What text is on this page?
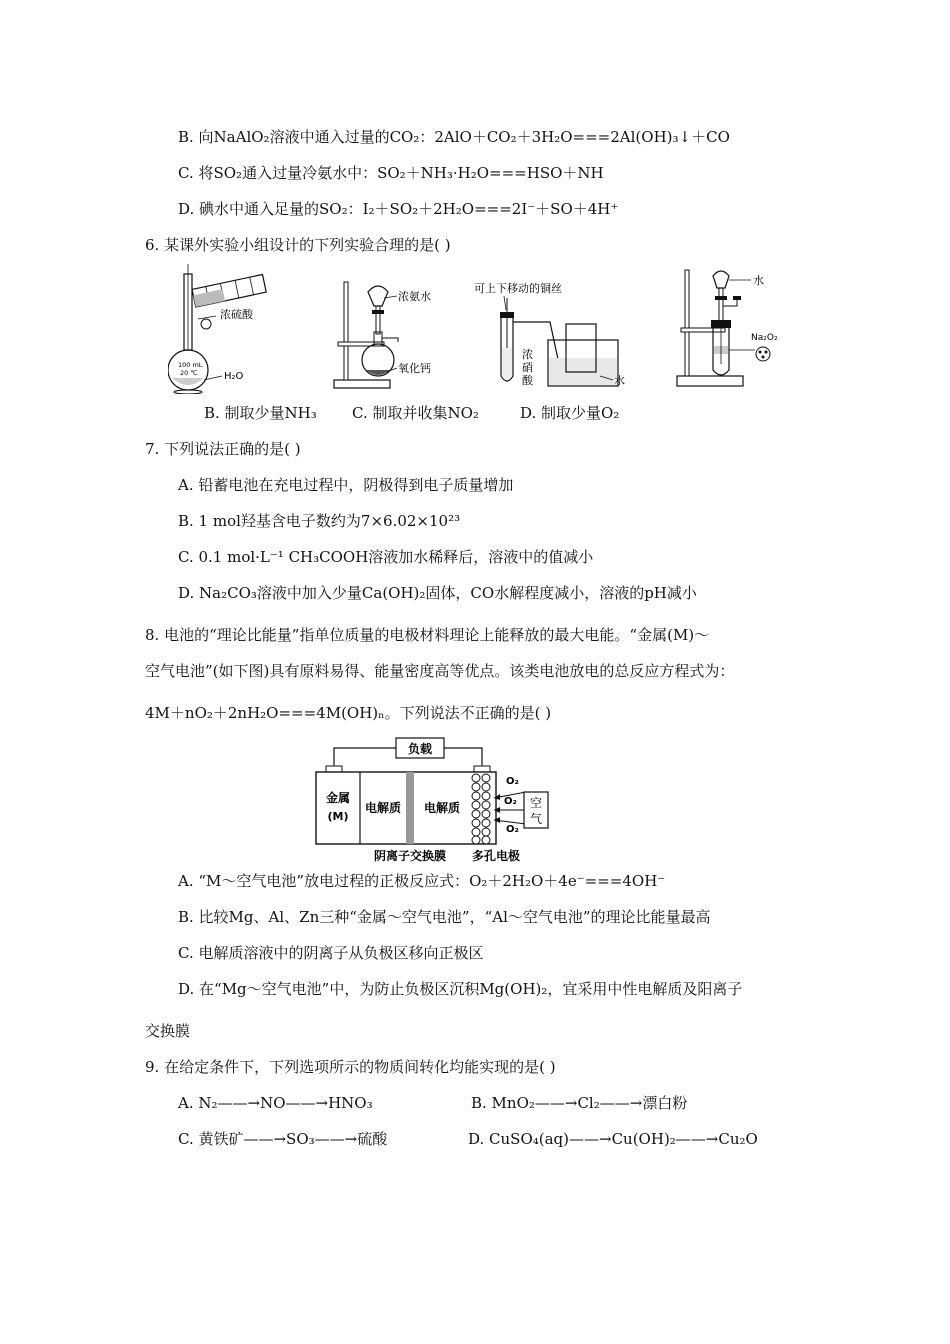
B. 向NaAlO₂溶液中通入过量的CO₂：2AlO＋CO₂＋3H₂O===2Al(OH)₃↓＋CO
C. 将SO₂通入过量冷氨水中：SO₂＋NH₃·H₂O===HSO＋NH
D. 碘水中通入足量的SO₂：I₂＋SO₂＋2H₂O===2I⁻＋SO＋4H⁺
6. 某课外实验小组设计的下列实验合理的是( )
100 mL
20 ℃
浓硫酸
H₂O
浓氨水
氧化钙
可上下移动的铜丝
浓
硝
酸	水
水
Na₂O₂
B. 制取少量NH₃ C. 制取并收集NO₂	D. 制取少量O₂
7. 下列说法正确的是( )
A. 铅蓄电池在充电过程中，阴极得到电子质量增加
B. 1 mol羟基含电子数约为7×6.02×10²³
C. 0.1 mol·L⁻¹ CH₃COOH溶液加水稀释后，溶液中的值减小
D. Na₂CO₃溶液中加入少量Ca(OH)₂固体，CO水解程度减小，溶液的pH减小
8. 电池的“理论比能量”指单位质量的电极材料理论上能释放的最大电能。“金属(M)～
空气电池”(如下图)具有原料易得、能量密度高等优点。该类电池放电的总反应方程式为：
4M＋nO₂＋2nH₂O===4M(OH)ₙ。下列说法不正确的是( )
负载
金属
(M)
电解质 电解质
O₂
O₂
O₂
空
气
阴离子交换膜 多孔电极
A. “M～空气电池”放电过程的正极反应式：O₂＋2H₂O＋4e⁻===4OH⁻
B. 比较Mg、Al、Zn三种“金属～空气电池”，“Al～空气电池”的理论比能量最高
C. 电解质溶液中的阴离子从负极区移向正极区
D. 在“Mg～空气电池”中，为防止负极区沉积Mg(OH)₂，宜采用中性电解质及阳离子
交换膜
9. 在给定条件下，下列选项所示的物质间转化均能实现的是( )
A. N₂——→NO——→HNO₃	B. MnO₂——→Cl₂——→漂白粉
C. 黄铁矿——→SO₃——→硫酸	D. CuSO₄(aq)——→Cu(OH)₂——→Cu₂O
